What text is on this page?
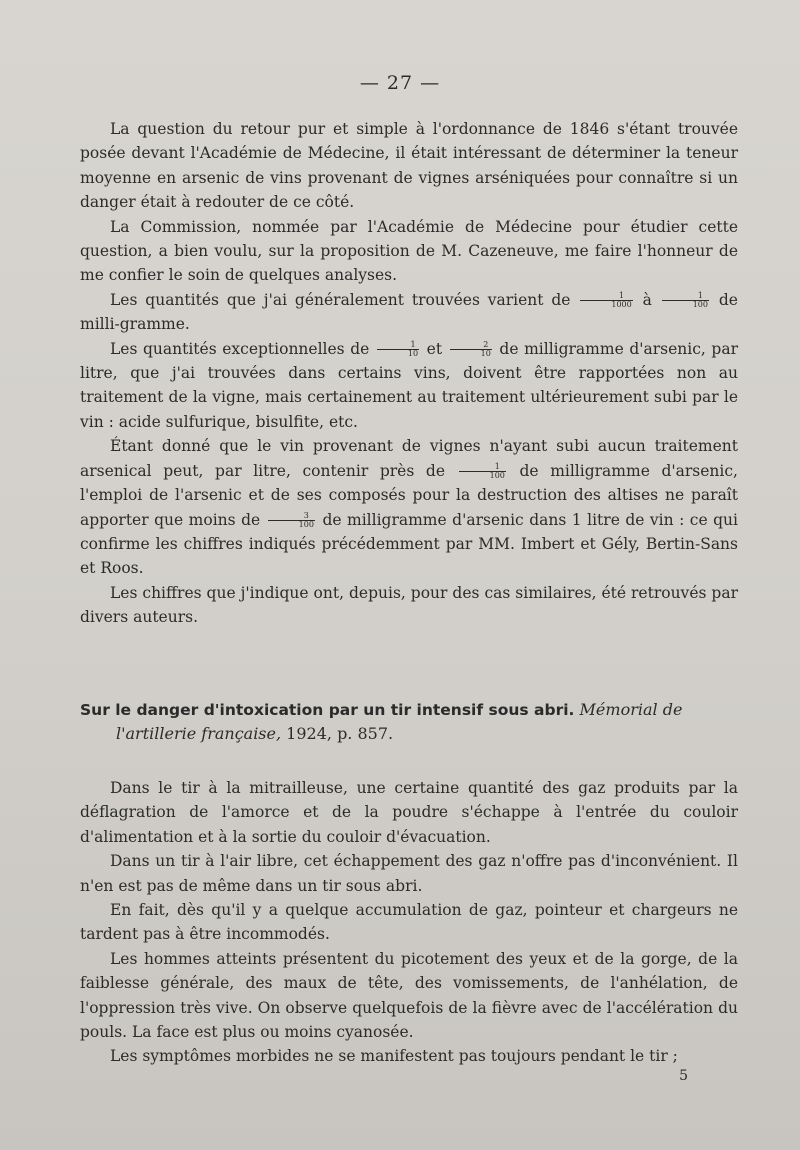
— 27 —

La question du retour pur et simple à l'ordonnance de 1846 s'étant trouvée posée devant l'Académie de Médecine, il était intéressant de déterminer la teneur moyenne en arsenic de vins provenant de vignes arséniquées pour connaître si un danger était à redouter de ce côté.

La Commission, nommée par l'Académie de Médecine pour étudier cette question, a bien voulu, sur la proposition de M. Cazeneuve, me faire l'honneur de me confier le soin de quelques analyses.

Les quantités que j'ai généralement trouvées varient de $\frac{1}{1000}$ à $\frac{1}{100}$ de milli-gramme.

Les quantités exceptionnelles de $\frac{1}{10}$ et $\frac{2}{10}$ de milligramme d'arsenic, par litre, que j'ai trouvées dans certains vins, doivent être rapportées non au traitement de la vigne, mais certainement au traitement ultérieurement subi par le vin : acide sulfurique, bisulfite, etc.

Étant donné que le vin provenant de vignes n'ayant subi aucun traitement arsenical peut, par litre, contenir près de $\frac{1}{100}$ de milligramme d'arsenic, l'emploi de l'arsenic et de ses composés pour la destruction des altises ne paraît apporter que moins de $\frac{3}{100}$ de milligramme d'arsenic dans 1 litre de vin : ce qui confirme les chiffres indiqués précédemment par MM. Imbert et Gély, Bertin-Sans et Roos.

Les chiffres que j'indique ont, depuis, pour des cas similaires, été retrouvés par divers auteurs.

Sur le danger d'intoxication par un tir intensif sous abri. Mémorial de
l'artillerie française, 1924, p. 857.

Dans le tir à la mitrailleuse, une certaine quantité des gaz produits par la déflagration de l'amorce et de la poudre s'échappe à l'entrée du couloir d'alimentation et à la sortie du couloir d'évacuation.

Dans un tir à l'air libre, cet échappement des gaz n'offre pas d'inconvénient. Il n'en est pas de même dans un tir sous abri.

En fait, dès qu'il y a quelque accumulation de gaz, pointeur et chargeurs ne tardent pas à être incommodés.

Les hommes atteints présentent du picotement des yeux et de la gorge, de la faiblesse générale, des maux de tête, des vomissements, de l'anhélation, de l'oppression très vive. On observe quelquefois de la fièvre avec de l'accélération du pouls. La face est plus ou moins cyanosée.

Les symptômes morbides ne se manifestent pas toujours pendant le tir ;

5
